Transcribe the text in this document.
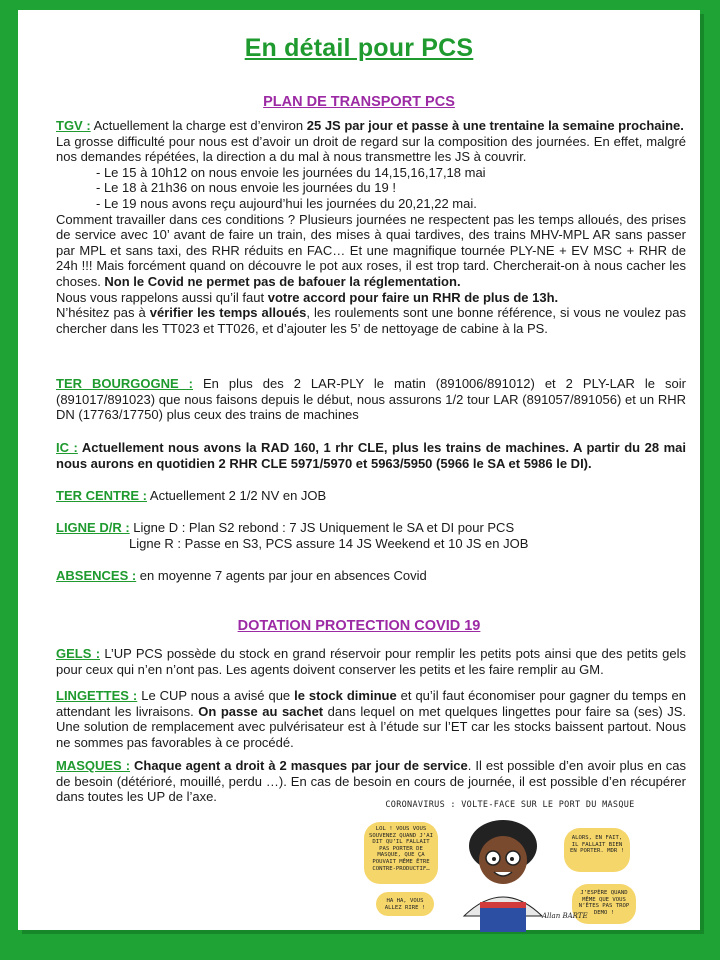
En détail pour PCS
PLAN DE TRANSPORT PCS
TGV : Actuellement la charge est d’environ 25 JS par jour et passe à une trentaine la semaine prochaine.
La grosse difficulté pour nous est d’avoir un droit de regard sur la composition des journées. En effet, malgré nos demandes répétées, la direction a du mal à nous transmettre les JS à couvrir.
- Le 15 à 10h12 on nous envoie les journées du 14,15,16,17,18 mai
- Le 18 à 21h36 on nous envoie les journées du 19 !
- Le 19 nous avons reçu aujourd’hui les journées du 20,21,22 mai.
Comment travailler dans ces conditions ? Plusieurs journées ne respectent pas les temps alloués, des prises de service avec 10’ avant de faire un train, des mises à quai tardives, des trains MHV-MPL AR sans passer par MPL et sans taxi, des RHR réduits en FAC… Et une magnifique tournée PLY-NE + EV MSC + RHR de 24h !!! Mais forcément quand on découvre le pot aux roses, il est trop tard. Chercherait-on à nous cacher les choses. Non le Covid ne permet pas de bafouer la réglementation.
Nous vous rappelons aussi qu’il faut votre accord pour faire un RHR de plus de 13h.
N’hésitez pas à vérifier les temps alloués, les roulements sont une bonne référence, si vous ne voulez pas chercher dans les TT023 et TT026, et d’ajouter les 5’ de nettoyage de cabine à la PS.
TER BOURGOGNE : En plus des 2 LAR-PLY le matin (891006/891012) et 2 PLY-LAR le soir (891017/891023) que nous faisons depuis le début, nous assurons 1/2 tour LAR (891057/891056) et un RHR DN (17763/17750) plus ceux des trains de machines
IC : Actuellement nous avons la RAD 160, 1 rhr CLE, plus les trains de machines. A partir du 28 mai nous aurons en quotidien 2 RHR CLE 5971/5970 et 5963/5950 (5966 le SA et 5986 le DI).
TER CENTRE : Actuellement 2 1/2 NV en JOB
LIGNE D/R : Ligne D : Plan S2 rebond : 7 JS Uniquement le SA et DI pour PCS
Ligne R : Passe en S3, PCS assure 14 JS Weekend et 10 JS en JOB
ABSENCES : en moyenne 7 agents par jour en absences Covid
DOTATION PROTECTION COVID 19
GELS : L’UP PCS possède du stock en grand réservoir pour remplir les petits pots ainsi que des petits gels pour ceux qui n’en n’ont pas. Les agents doivent conserver les petits et les faire remplir au GM.
LINGETTES : Le CUP nous a avisé que le stock diminue et qu’il faut économiser pour gagner du temps en attendant les livraisons. On passe au sachet dans lequel on met quelques lingettes pour faire sa (ses) JS. Une solution de remplacement avec pulvérisateur est à l’étude sur l’ET car les stocks baissent partout. Nous ne sommes pas favorables à ce procédé.
MASQUES : Chaque agent a droit à 2 masques par jour de service. Il est possible d’en avoir plus en cas de besoin (détérioré, mouillé, perdu …). En cas de besoin en cours de journée, il est possible d’en récupérer dans toutes les UP de l’axe.
CORONAVIRUS : VOLTE-FACE SUR LE PORT DU MASQUE
LOL ! VOUS VOUS SOUVENEZ QUAND J’AI DIT QU’IL FALLAIT PAS PORTER DE MASQUE, QUE ÇA POUVAIT MÊME ÊTRE CONTRE-PRODUCTIF…
HA HA, VOUS ALLEZ RIRE !
ALORS, EN FAIT, IL FALLAIT BIEN EN PORTER. MDR !
J’ESPÈRE QUAND MÊME QUE VOUS N’ÊTES PAS TROP DEMO !
Allan BARTE
